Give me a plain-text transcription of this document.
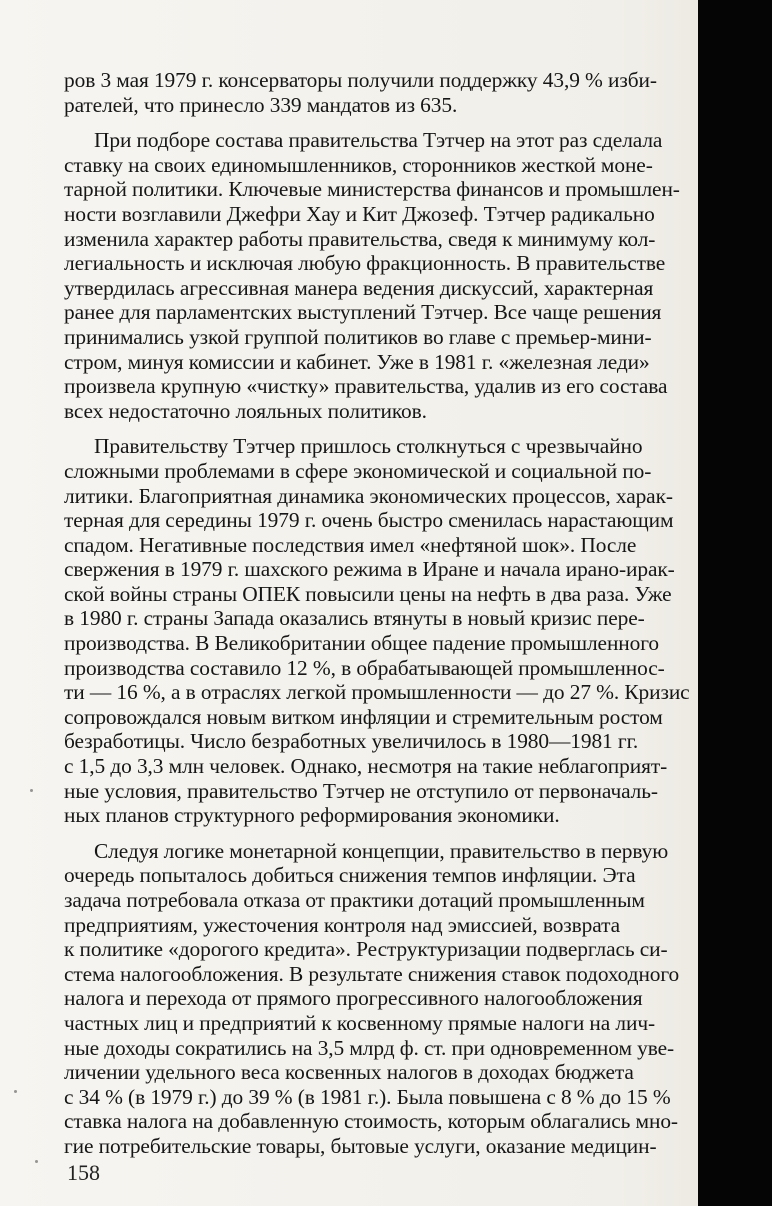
ров 3 мая 1979 г. консерваторы получили поддержку 43,9 % изби-
рателей, что принесло 339 мандатов из 635.
При подборе состава правительства Тэтчер на этот раз сделала
ставку на своих единомышленников, сторонников жесткой моне-
тарной политики. Ключевые министерства финансов и промышлен-
ности возглавили Джефри Хау и Кит Джозеф. Тэтчер радикально
изменила характер работы правительства, сведя к минимуму кол-
легиальность и исключая любую фракционность. В правительстве
утвердилась агрессивная манера ведения дискуссий, характерная
ранее для парламентских выступлений Тэтчер. Все чаще решения
принимались узкой группой политиков во главе с премьер-мини-
стром, минуя комиссии и кабинет. Уже в 1981 г. «железная леди»
произвела крупную «чистку» правительства, удалив из его состава
всех недостаточно лояльных политиков.
Правительству Тэтчер пришлось столкнуться с чрезвычайно
сложными проблемами в сфере экономической и социальной по-
литики. Благоприятная динамика экономических процессов, харак-
терная для середины 1979 г. очень быстро сменилась нарастающим
спадом. Негативные последствия имел «нефтяной шок». После
свержения в 1979 г. шахского режима в Иране и начала ирано-ирак-
ской войны страны ОПЕК повысили цены на нефть в два раза. Уже
в 1980 г. страны Запада оказались втянуты в новый кризис пере-
производства. В Великобритании общее падение промышленного
производства составило 12 %, в обрабатывающей промышленнос-
ти — 16 %, а в отраслях легкой промышленности — до 27 %. Кризис
сопровождался новым витком инфляции и стремительным ростом
безработицы. Число безработных увеличилось в 1980—1981 гг.
с 1,5 до 3,3 млн человек. Однако, несмотря на такие неблагоприят-
ные условия, правительство Тэтчер не отступило от первоначаль-
ных планов структурного реформирования экономики.
Следуя логике монетарной концепции, правительство в первую
очередь попыталось добиться снижения темпов инфляции. Эта
задача потребовала отказа от практики дотаций промышленным
предприятиям, ужесточения контроля над эмиссией, возврата
к политике «дорогого кредита». Реструктуризации подверглась си-
стема налогообложения. В результате снижения ставок подоходного
налога и перехода от прямого прогрессивного налогообложения
частных лиц и предприятий к косвенному прямые налоги на лич-
ные доходы сократились на 3,5 млрд ф. ст. при одновременном уве-
личении удельного веса косвенных налогов в доходах бюджета
с 34 % (в 1979 г.) до 39 % (в 1981 г.). Была повышена с 8 % до 15 %
ставка налога на добавленную стоимость, которым облагались мно-
гие потребительские товары, бытовые услуги, оказание медицин-
158
